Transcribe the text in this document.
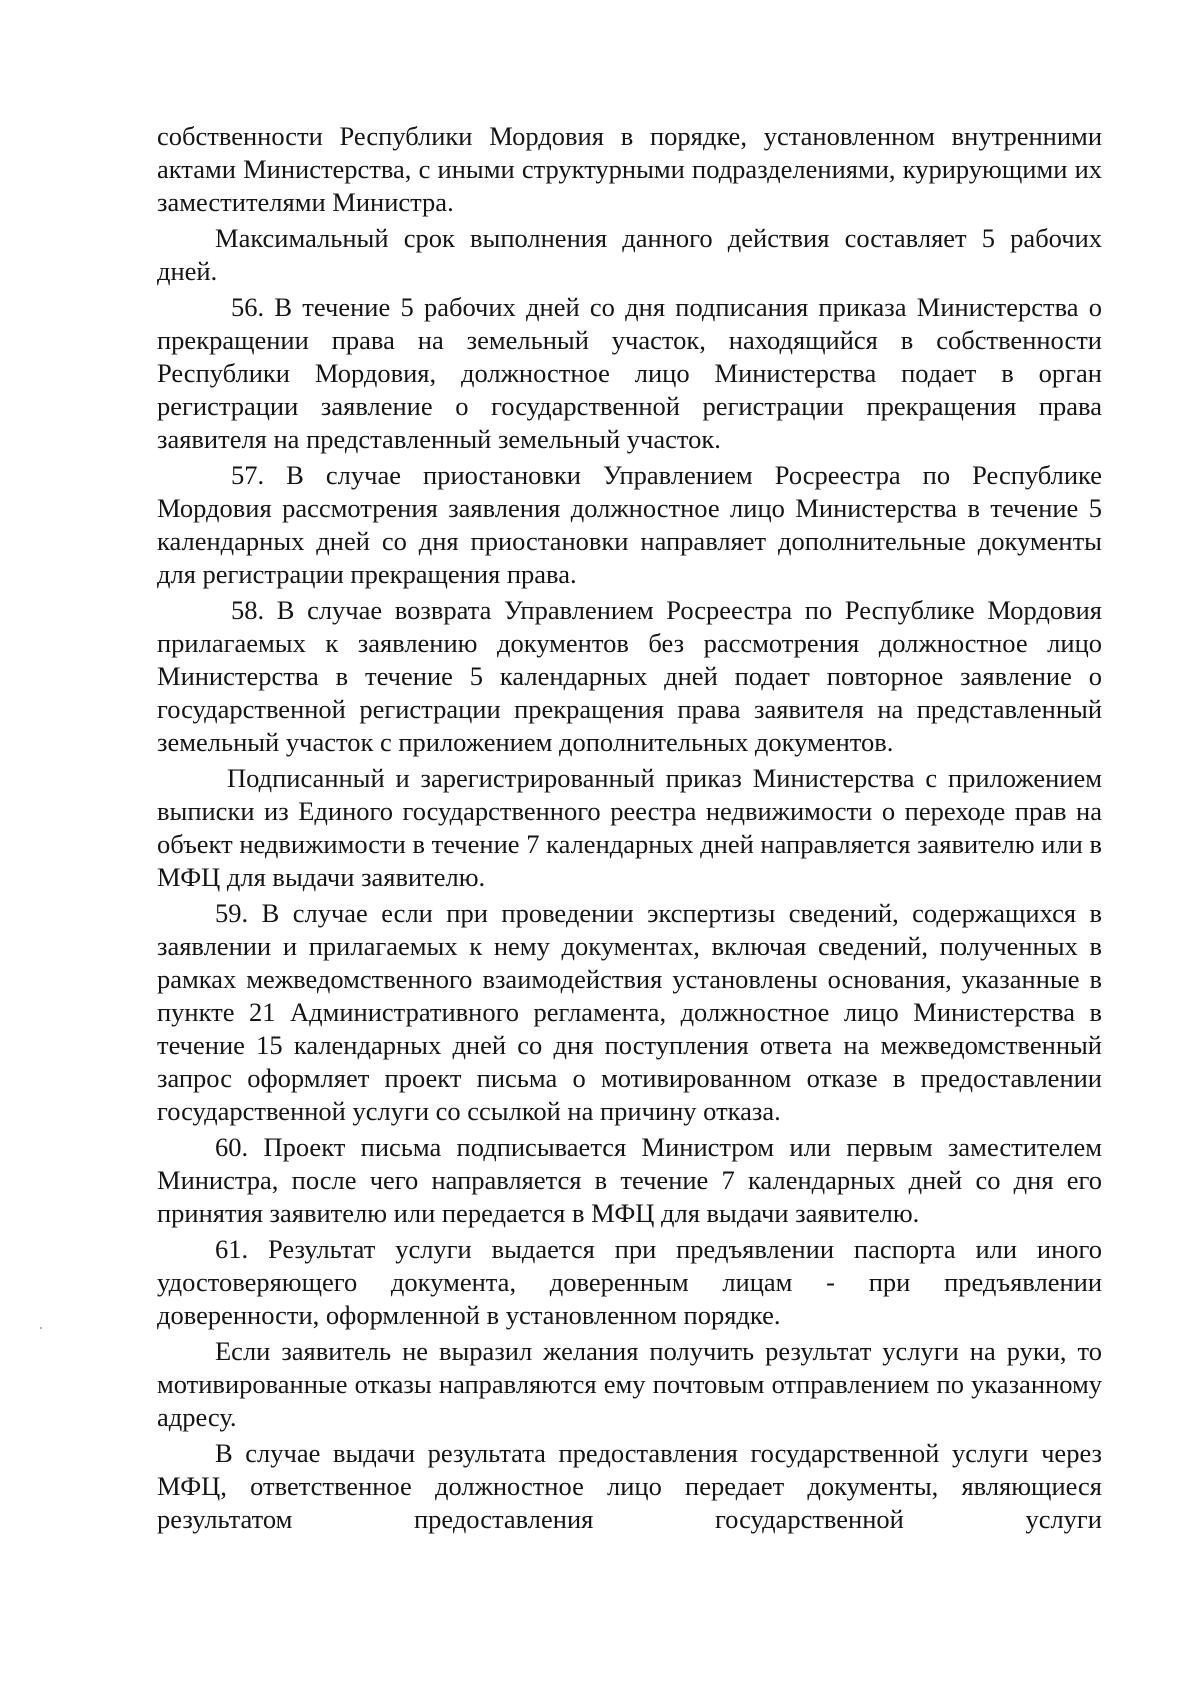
собственности Республики Мордовия в порядке, установленном внутренними актами Министерства, с иными структурными подразделениями, курирующими их заместителями Министра.

Максимальный срок выполнения данного действия составляет 5 рабочих дней.

56. В течение 5 рабочих дней со дня подписания приказа Министерства о прекращении права на земельный участок, находящийся в собственности Республики Мордовия, должностное лицо Министерства подает в орган регистрации заявление о государственной регистрации прекращения права заявителя на представленный земельный участок.

57. В случае приостановки Управлением Росреестра по Республике Мордовия рассмотрения заявления должностное лицо Министерства в течение 5 календарных дней со дня приостановки направляет дополнительные документы для регистрации прекращения права.

58. В случае возврата Управлением Росреестра по Республике Мордовия прилагаемых к заявлению документов без рассмотрения должностное лицо Министерства в течение 5 календарных дней подает повторное заявление о государственной регистрации прекращения права заявителя на представленный земельный участок с приложением дополнительных документов.

Подписанный и зарегистрированный приказ Министерства с приложением выписки из Единого государственного реестра недвижимости о переходе прав на объект недвижимости в течение 7 календарных дней направляется заявителю или в МФЦ для выдачи заявителю.

59. В случае если при проведении экспертизы сведений, содержащихся в заявлении и прилагаемых к нему документах, включая сведений, полученных в рамках межведомственного взаимодействия установлены основания, указанные в пункте 21 Административного регламента, должностное лицо Министерства в течение 15 календарных дней со дня поступления ответа на межведомственный запрос оформляет проект письма о мотивированном отказе в предоставлении государственной услуги со ссылкой на причину отказа.

60. Проект письма подписывается Министром или первым заместителем Министра, после чего направляется в течение 7 календарных дней со дня его принятия заявителю или передается в МФЦ для выдачи заявителю.

61. Результат услуги выдается при предъявлении паспорта или иного удостоверяющего документа, доверенным лицам - при предъявлении доверенности, оформленной в установленном порядке.

Если заявитель не выразил желания получить результат услуги на руки, то мотивированные отказы направляются ему почтовым отправлением по указанному адресу.

В случае выдачи результата предоставления государственной услуги через МФЦ, ответственное должностное лицо передает документы, являющиеся результатом предоставления государственной услуги
